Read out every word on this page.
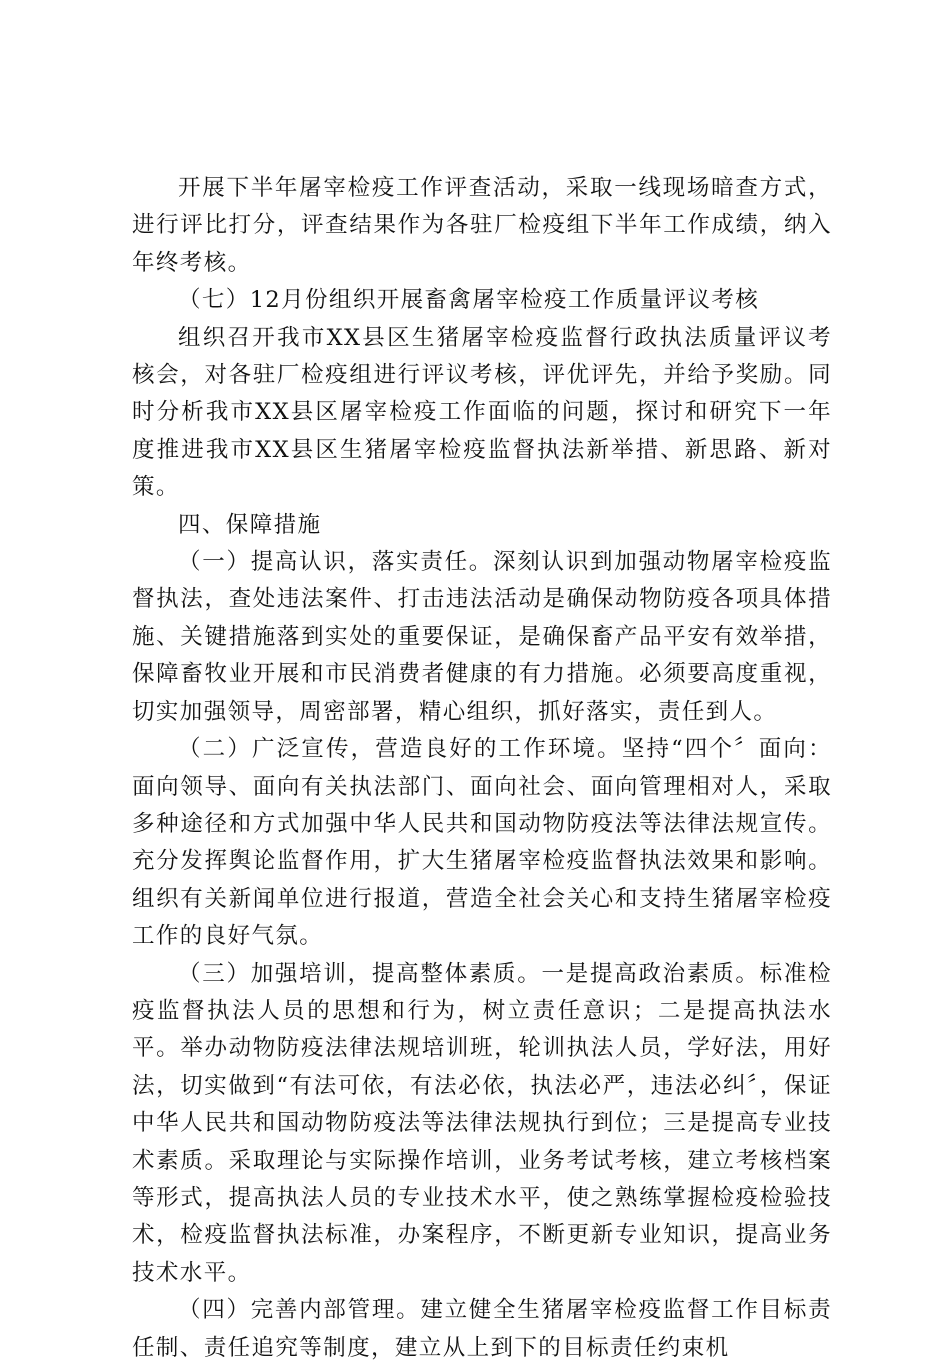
开展下半年屠宰检疫工作评查活动，采取一线现场暗查方式，进行评比打分，评查结果作为各驻厂检疫组下半年工作成绩，纳入年终考核。

（七）12月份组织开展畜禽屠宰检疫工作质量评议考核

组织召开我市XX县区生猪屠宰检疫监督行政执法质量评议考核会，对各驻厂检疫组进行评议考核，评优评先，并给予奖励。同时分析我市XX县区屠宰检疫工作面临的问题，探讨和研究下一年度推进我市XX县区生猪屠宰检疫监督执法新举措、新思路、新对策。

四、保障措施

（一）提高认识，落实责任。深刻认识到加强动物屠宰检疫监督执法，查处违法案件、打击违法活动是确保动物防疫各项具体措施、关键措施落到实处的重要保证，是确保畜产品平安有效举措，保障畜牧业开展和市民消费者健康的有力措施。必须要高度重视，切实加强领导，周密部署，精心组织，抓好落实，责任到人。

（二）广泛宣传，营造良好的工作环境。坚持“四个〞面向：面向领导、面向有关执法部门、面向社会、面向管理相对人，采取多种途径和方式加强中华人民共和国动物防疫法等法律法规宣传。充分发挥舆论监督作用，扩大生猪屠宰检疫监督执法效果和影响。组织有关新闻单位进行报道，营造全社会关心和支持生猪屠宰检疫工作的良好气氛。

（三）加强培训，提高整体素质。一是提高政治素质。标准检疫监督执法人员的思想和行为，树立责任意识；二是提高执法水平。举办动物防疫法律法规培训班，轮训执法人员，学好法，用好法，切实做到“有法可依，有法必依，执法必严，违法必纠〞，保证中华人民共和国动物防疫法等法律法规执行到位；三是提高专业技术素质。采取理论与实际操作培训，业务考试考核，建立考核档案等形式，提高执法人员的专业技术水平，使之熟练掌握检疫检验技术，检疫监督执法标准，办案程序，不断更新专业知识，提高业务技术水平。

（四）完善内部管理。建立健全生猪屠宰检疫监督工作目标责任制、责任追究等制度，建立从上到下的目标责任约束机
